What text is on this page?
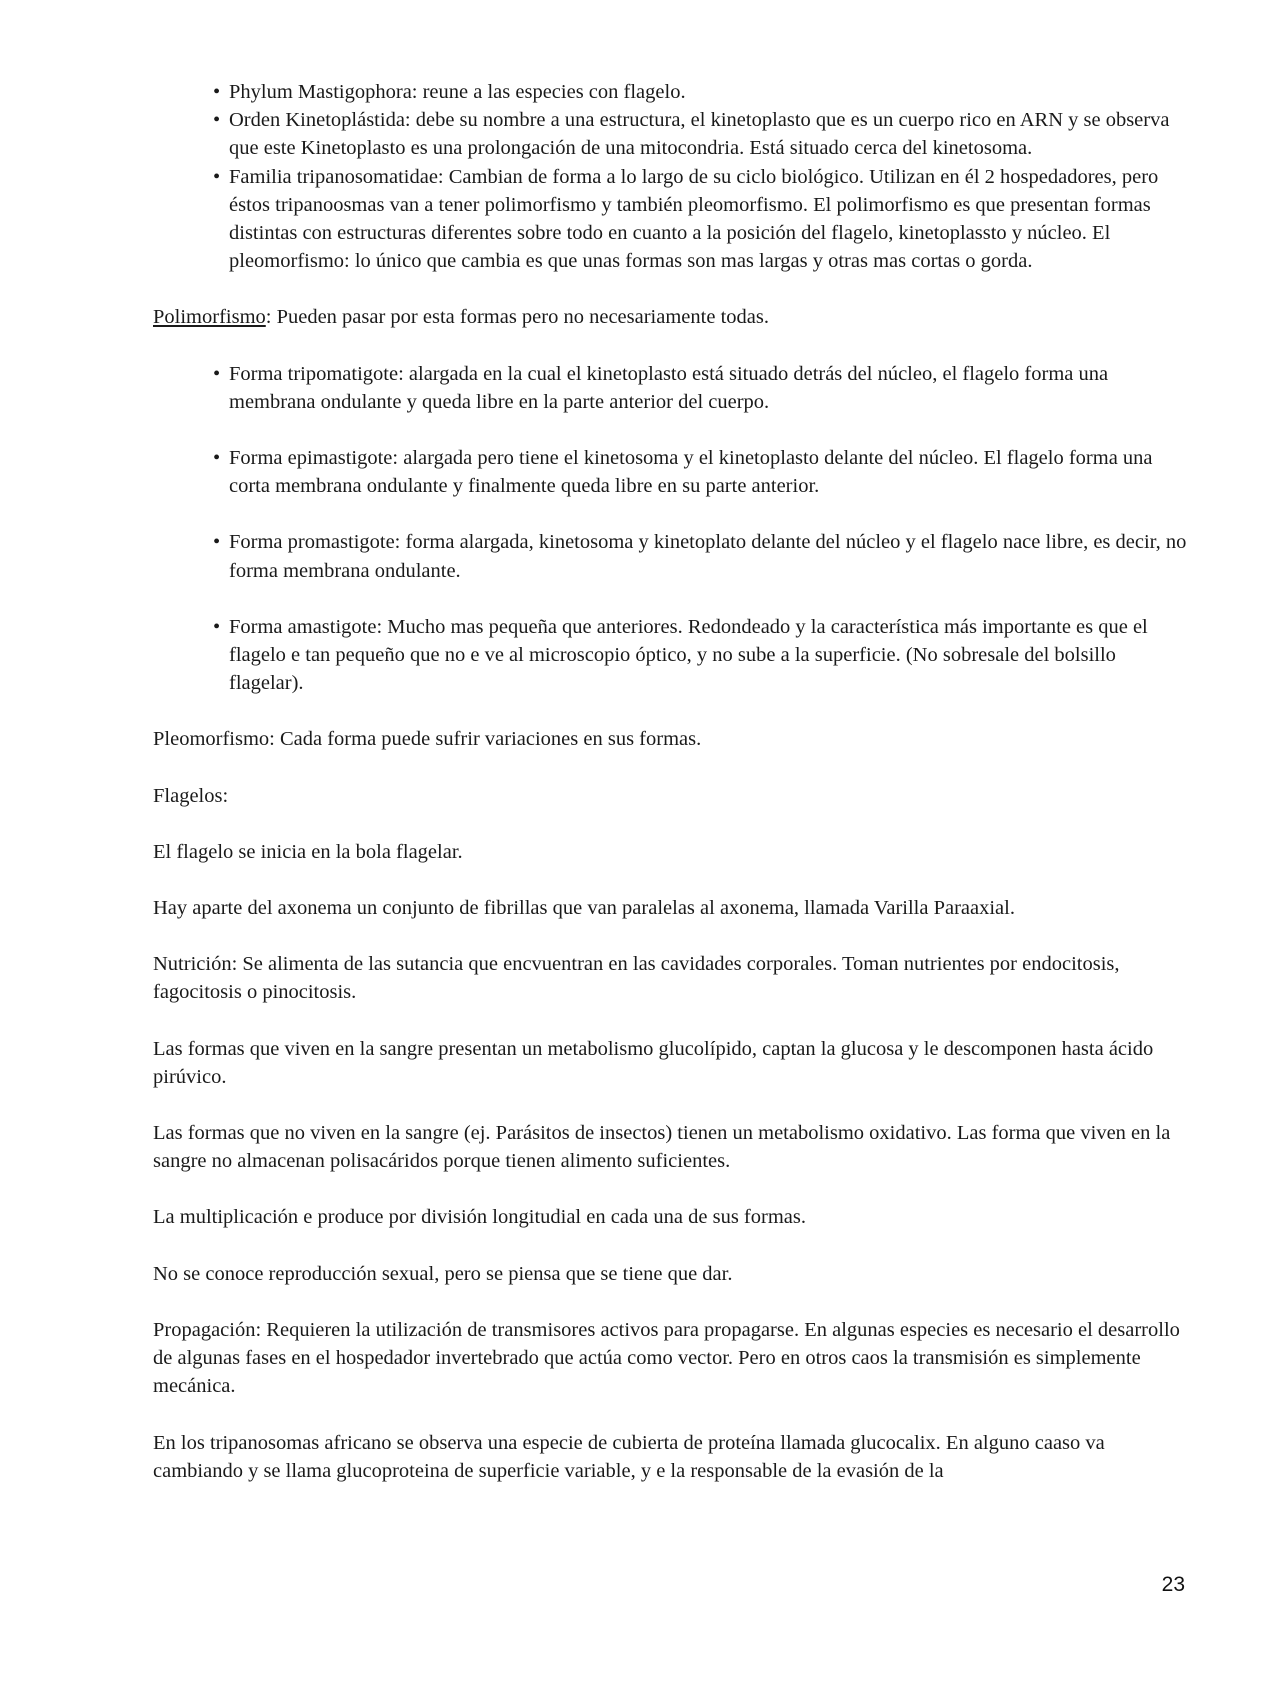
• Phylum Mastigophora: reune a las especies con flagelo.
• Orden Kinetoplástida: debe su nombre a una estructura, el kinetoplasto que es un cuerpo rico en ARN y se observa que este Kinetoplasto es una prolongación de una mitocondria. Está situado cerca del kinetosoma.
• Familia tripanosomatidae: Cambian de forma a lo largo de su ciclo biológico. Utilizan en él 2 hospedadores, pero éstos tripanoosmas van a tener polimorfismo y también pleomorfismo. El polimorfismo es que presentan formas distintas con estructuras diferentes sobre todo en cuanto a la posición del flagelo, kinetoplassto y núcleo. El pleomorfismo: lo único que cambia es que unas formas son mas largas y otras mas cortas o gorda.

Polimorfismo: Pueden pasar por esta formas pero no necesariamente todas.

• Forma tripomatigote: alargada en la cual el kinetoplasto está situado detrás del núcleo, el flagelo forma una membrana ondulante y queda libre en la parte anterior del cuerpo.
• Forma epimastigote: alargada pero tiene el kinetosoma y el kinetoplasto delante del núcleo. El flagelo forma una corta membrana ondulante y finalmente queda libre en su parte anterior.
• Forma promastigote: forma alargada, kinetosoma y kinetoplato delante del núcleo y el flagelo nace libre, es decir, no forma membrana ondulante.
• Forma amastigote: Mucho mas pequeña que anteriores. Redondeado y la característica más importante es que el flagelo e tan pequeño que no e ve al microscopio óptico, y no sube a la superficie. (No sobresale del bolsillo flagelar).

Pleomorfismo: Cada forma puede sufrir variaciones en sus formas.

Flagelos:

El flagelo se inicia en la bola flagelar.

Hay aparte del axonema un conjunto de fibrillas que van paralelas al axonema, llamada Varilla Paraaxial.

Nutrición: Se alimenta de las sutancia que encvuentran en las cavidades corporales. Toman nutrientes por endocitosis, fagocitosis o pinocitosis.

Las formas que viven en la sangre presentan un metabolismo glucolípido, captan la glucosa y le descomponen hasta ácido pirúvico.

Las formas que no viven en la sangre (ej. Parásitos de insectos) tienen un metabolismo oxidativo. Las forma que viven en la sangre no almacenan polisacáridos porque tienen alimento suficientes.

La multiplicación e produce por división longitudial en cada una de sus formas.

No se conoce reproducción sexual, pero se piensa que se tiene que dar.

Propagación: Requieren la utilización de transmisores activos para propagarse. En algunas especies es necesario el desarrollo de algunas fases en el hospedador invertebrado que actúa como vector. Pero en otros caos la transmisión es simplemente mecánica.

En los tripanosomas africano se observa una especie de cubierta de proteína llamada glucocalix. En alguno caaso va cambiando y se llama glucoproteina de superficie variable, y e la responsable de la evasión de la

23
